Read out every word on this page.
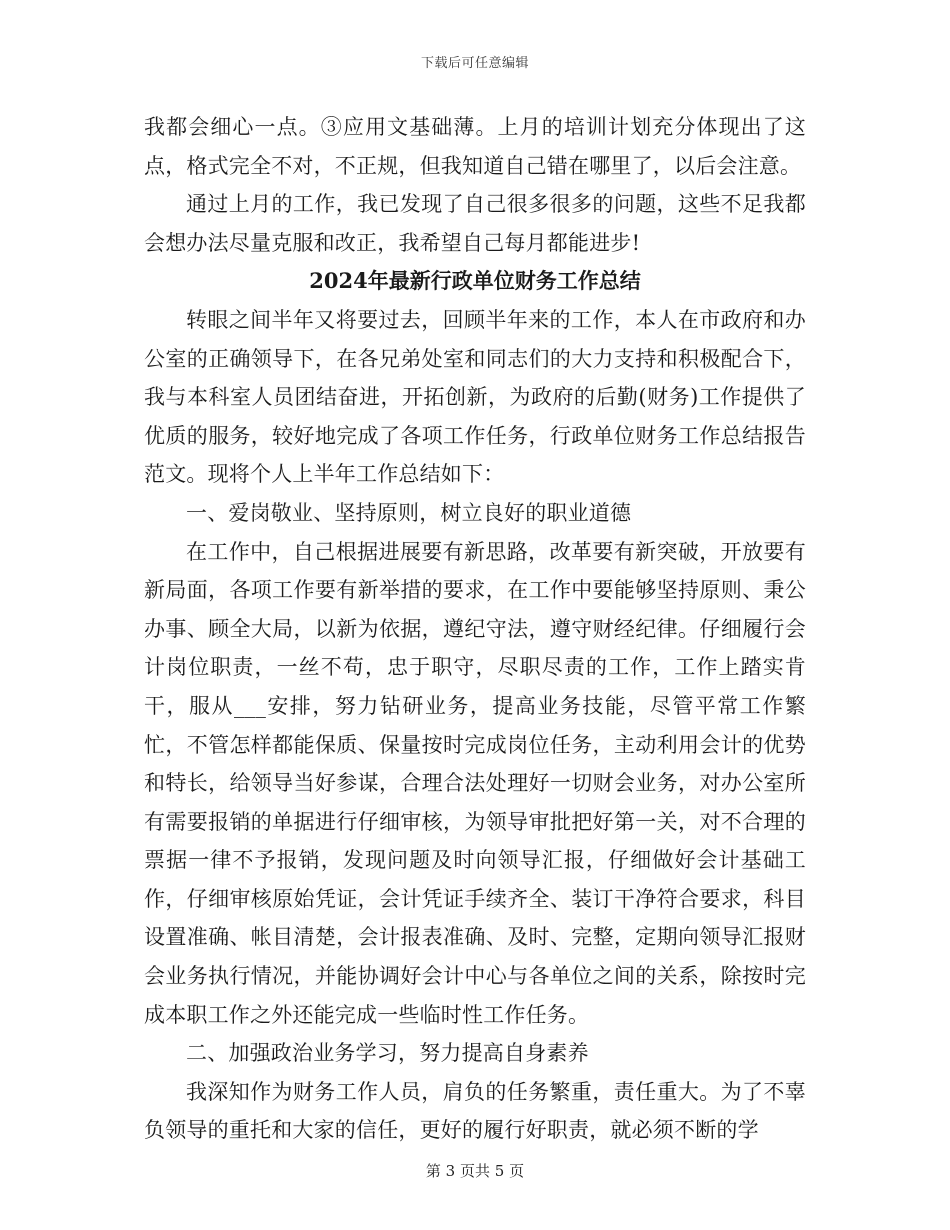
下载后可任意编辑

我都会细心一点。③应用文基础薄。上月的培训计划充分体现出了这点，格式完全不对，不正规，但我知道自己错在哪里了，以后会注意。

通过上月的工作，我已发现了自己很多很多的问题，这些不足我都会想办法尽量克服和改正，我希望自己每月都能进步!

2024年最新行政单位财务工作总结

转眼之间半年又将要过去，回顾半年来的工作，本人在市政府和办公室的正确领导下，在各兄弟处室和同志们的大力支持和积极配合下，我与本科室人员团结奋进，开拓创新，为政府的后勤(财务)工作提供了优质的服务，较好地完成了各项工作任务，行政单位财务工作总结报告范文。现将个人上半年工作总结如下：

一、爱岗敬业、坚持原则，树立良好的职业道德

在工作中，自己根据进展要有新思路，改革要有新突破，开放要有新局面，各项工作要有新举措的要求，在工作中要能够坚持原则、秉公办事、顾全大局，以新为依据，遵纪守法，遵守财经纪律。仔细履行会计岗位职责，一丝不苟，忠于职守，尽职尽责的工作，工作上踏实肯干，服从___安排，努力钻研业务，提高业务技能，尽管平常工作繁忙，不管怎样都能保质、保量按时完成岗位任务，主动利用会计的优势和特长，给领导当好参谋，合理合法处理好一切财会业务，对办公室所有需要报销的单据进行仔细审核，为领导审批把好第一关，对不合理的票据一律不予报销，发现问题及时向领导汇报，仔细做好会计基础工作，仔细审核原始凭证，会计凭证手续齐全、装订干净符合要求，科目设置准确、帐目清楚，会计报表准确、及时、完整，定期向领导汇报财会业务执行情况，并能协调好会计中心与各单位之间的关系，除按时完成本职工作之外还能完成一些临时性工作任务。

二、加强政治业务学习，努力提高自身素养

我深知作为财务工作人员，肩负的任务繁重，责任重大。为了不辜负领导的重托和大家的信任，更好的履行好职责，就必须不断的学

第 3 页共 5 页
